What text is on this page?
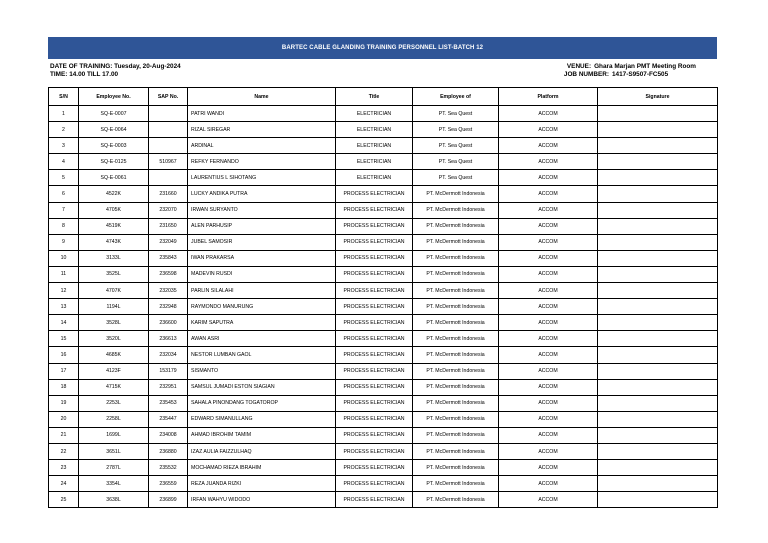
BARTEC CABLE GLANDING TRAINING PERSONNEL LIST-BATCH 12
DATE OF TRAINING: Tuesday, 20-Aug-2024
TIME: 14.00 TILL 17.00
VENUE: Ghara Marjan PMT Meeting Room
JOB NUMBER: 1417-S9507-FC505
S/N	Employee No.	SAP No.	Name	Title	Employee of	Platform	Signature
1	SQ-E-0007		PATRI WANDI	ELECTRICIAN	PT. Sea Quest	ACCOM	
2	SQ-E-0064		RIZAL SIREGAR	ELECTRICIAN	PT. Sea Quest	ACCOM	
3	SQ-E-0003		ARDINAL	ELECTRICIAN	PT. Sea Quest	ACCOM	
4	SQ-E-0125	510967	REFKY FERNANDO	ELECTRICIAN	PT. Sea Quest	ACCOM	
5	SQ-E-0061		LAURENTIUS L SIHOTANG	ELECTRICIAN	PT. Sea Quest	ACCOM	
6	4522K	231660	LUCKY ANDIKA PUTRA	PROCESS ELECTRICIAN	PT. McDermott Indonesia	ACCOM	
7	4705K	232070	IRWAN SURYANTO	PROCESS ELECTRICIAN	PT. McDermott Indonesia	ACCOM	
8	4519K	231650	ALEN PARHUSIP	PROCESS ELECTRICIAN	PT. McDermott Indonesia	ACCOM	
9	4743K	232049	JUBEL SAMOSIR	PROCESS ELECTRICIAN	PT. McDermott Indonesia	ACCOM	
10	3133L	235843	IWAN PRAKARSA	PROCESS ELECTRICIAN	PT. McDermott Indonesia	ACCOM	
11	3525L	236598	MADEVIN RUSDI	PROCESS ELECTRICIAN	PT. McDermott Indonesia	ACCOM	
12	4707K	232035	PARLIN SILALAHI	PROCESS ELECTRICIAN	PT. McDermott Indonesia	ACCOM	
13	1194L	232948	RAYMONDO MANURUNG	PROCESS ELECTRICIAN	PT. McDermott Indonesia	ACCOM	
14	3528L	236600	KARIM SAPUTRA	PROCESS ELECTRICIAN	PT. McDermott Indonesia	ACCOM	
15	3520L	236613	AWAN ASRI	PROCESS ELECTRICIAN	PT. McDermott Indonesia	ACCOM	
16	4685K	232034	NESTOR LUMBAN GAOL	PROCESS ELECTRICIAN	PT. McDermott Indonesia	ACCOM	
17	4123F	153179	SISMANTO	PROCESS ELECTRICIAN	PT. McDermott Indonesia	ACCOM	
18	4715K	232951	SAMSUL JUMADI ESTON SIAGIAN	PROCESS ELECTRICIAN	PT. McDermott Indonesia	ACCOM	
19	2253L	235453	SAHALA PINONDANG TOGATOROP	PROCESS ELECTRICIAN	PT. McDermott Indonesia	ACCOM	
20	2258L	235447	EDWARD SIMANULLANG	PROCESS ELECTRICIAN	PT. McDermott Indonesia	ACCOM	
21	1699L	234008	AHMAD IBROHIM TAMIM	PROCESS ELECTRICIAN	PT. McDermott Indonesia	ACCOM	
22	3651L	236880	IZAZ AULIA FAIZZULHAQ	PROCESS ELECTRICIAN	PT. McDermott Indonesia	ACCOM	
23	2787L	235532	MOCHAMAD RIEZA IBRAHIM	PROCESS ELECTRICIAN	PT. McDermott Indonesia	ACCOM	
24	3354L	236559	REZA JUANDA RIZKI	PROCESS ELECTRICIAN	PT. McDermott Indonesia	ACCOM	
25	3638L	236899	IRFAN WAHYU WIDODO	PROCESS ELECTRICIAN	PT. McDermott Indonesia	ACCOM	
